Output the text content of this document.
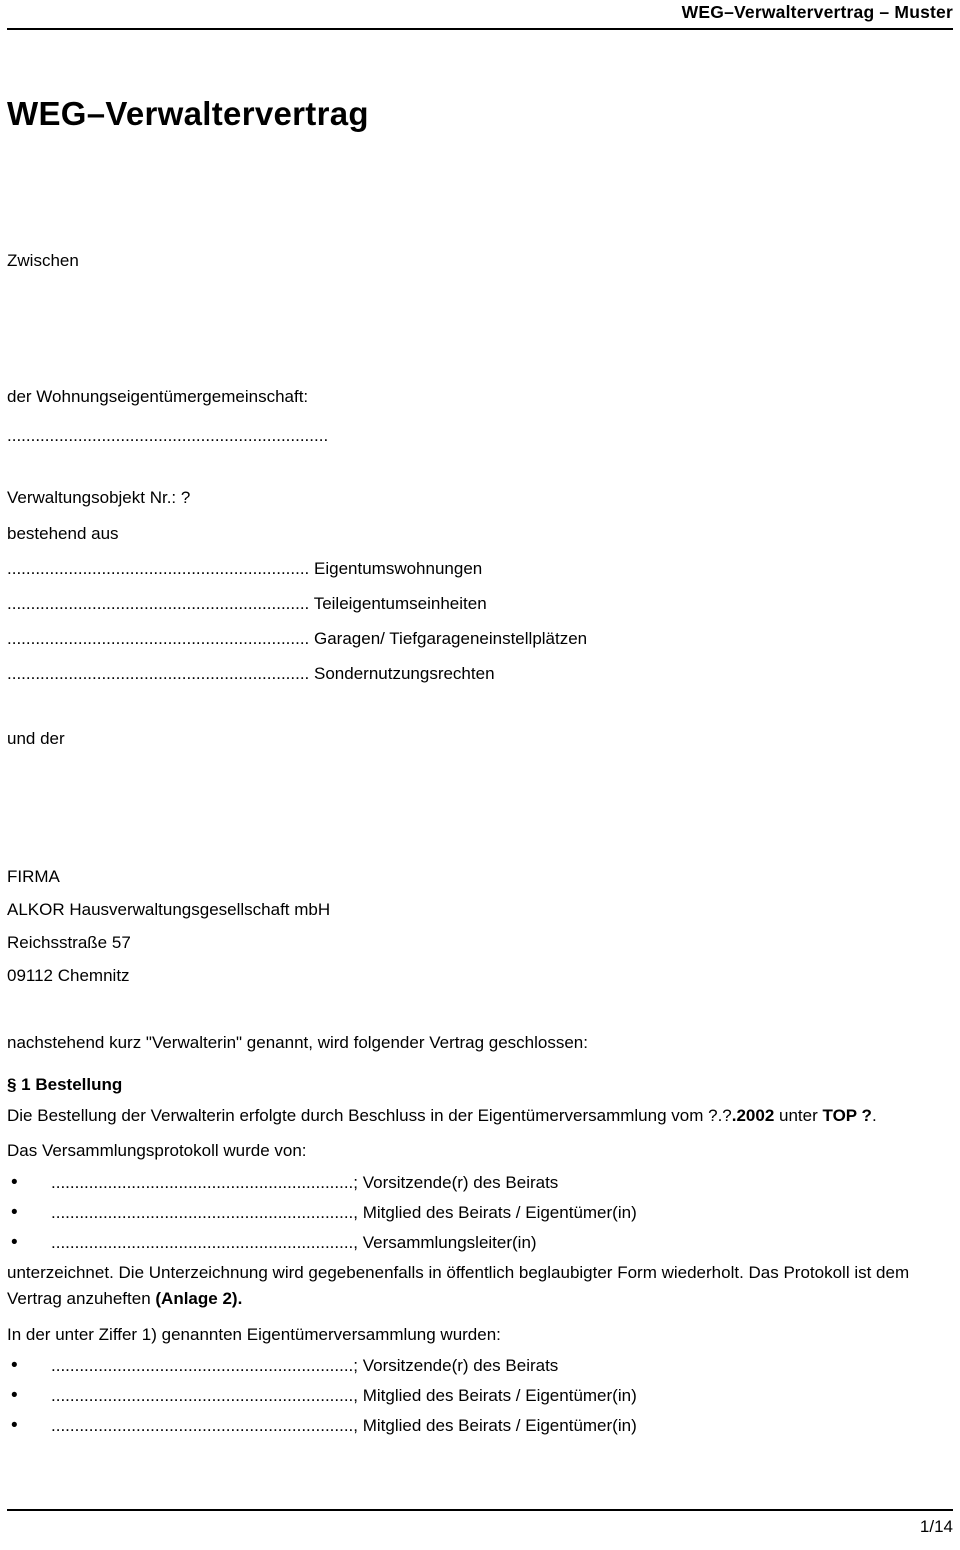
WEG–Verwaltervertrag – Muster
WEG–Verwaltervertrag

Zwischen

der Wohnungseigentümergemeinschaft:

....................................................................

Verwaltungsobjekt Nr.: ?

bestehend aus

................................................................ Eigentumswohnungen

................................................................ Teileigentumseinheiten

................................................................ Garagen/ Tiefgarageneinstellplätzen

................................................................ Sondernutzungsrechten

und der

FIRMA

ALKOR Hausverwaltungsgesellschaft mbH

Reichsstraße 57

09112 Chemnitz

nachstehend kurz "Verwalterin" genannt, wird folgender Vertrag geschlossen:

§ 1 Bestellung

Die Bestellung der Verwalterin erfolgte durch Beschluss in der Eigentümerversammlung vom ?.?.2002 unter TOP ?.

Das Versammlungsprotokoll wurde von:

• ................................................................; Vorsitzende(r) des Beirats
• ................................................................, Mitglied des Beirats / Eigentümer(in)
• ................................................................, Versammlungsleiter(in)

unterzeichnet. Die Unterzeichnung wird gegebenenfalls in öffentlich beglaubigter Form wiederholt. Das Protokoll ist dem Vertrag anzuheften (Anlage 2).

In der unter Ziffer 1) genannten Eigentümerversammlung wurden:

• ................................................................; Vorsitzende(r) des Beirats
• ................................................................, Mitglied des Beirats / Eigentümer(in)
• ................................................................, Mitglied des Beirats / Eigentümer(in)
1/14
